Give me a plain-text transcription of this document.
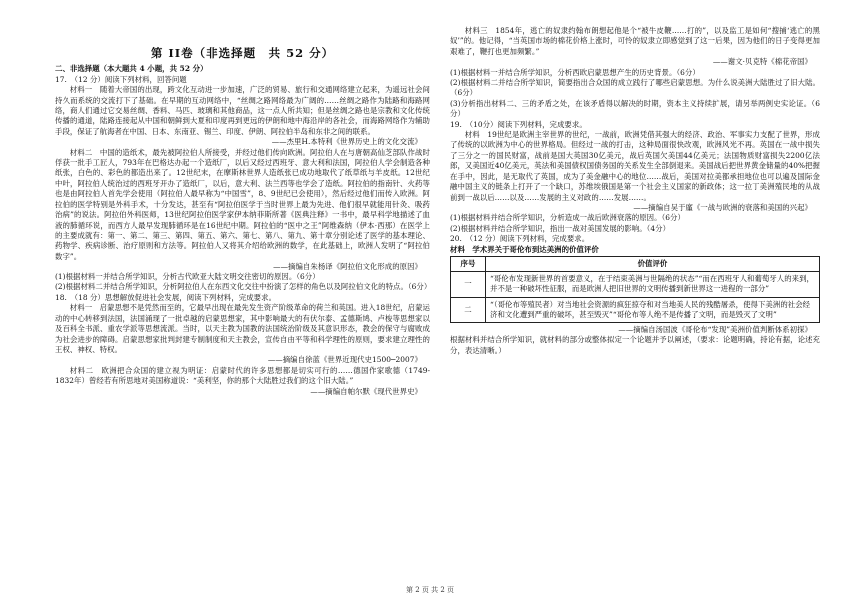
第 II卷（非选择题　共 52 分）

二、非选择题（本大题共 4 小题，共 52 分）

17.　（12 分）阅读下列材料，回答问题

材料一　随着大帝国的出现，跨文化互动进一步加速，广泛的贸易、旅行和交通网络建立起来，为遥远社会间持久而系统的交流打下了基础。在早期的互动网络中，“丝绸之路网络最为广阔的……丝绸之路作为陆路和海路网络，商人们通过它交易丝绸、香料、马匹、玻璃和其他商品，这一点人所共知；但是丝绸之路也是宗教和文化传统传播的通道，陆路连接起从中国和朝鲜到大夏和印度再到更远的伊朗和地中海沿岸的各社会，而海路网络作为辅助手段，保证了航海者在中国、日本、东南亚、锡兰、印度、伊朗、阿拉伯半岛和东非之间的联系。

——杰里H.本特利《世界历史上的文化交流》

材料二　中国的造纸术，最先被阿拉伯人所接受，并经过他们传向欧洲。阿拉伯人在与唐朝高仙芝部队作战时俘获一批手工匠人，793年在巴格达办起一个造纸厂，以后又经过西班牙、意大利和法国，阿拉伯人学会制造各种纸张，白色的、彩色的都造出来了。12世纪末，在摩斯林世界人造纸张已成功地取代了纸草纸与羊皮纸。12世纪中叶，阿拉伯人统治过的西班牙开办了造纸厂，以后，意大利、法兰西等也学会了造纸。阿拉伯的指南针、火药等也是由阿拉伯人首先学会使用（阿拉伯人最早称为“中国雪”，8、9世纪已会使用），然后经过他们而传入欧洲。阿拉伯的医学特别是外科手术，十分发达，甚至有“阿拉伯医学于当时世界上最为先进、他们很早就能用针灸、吸药治病”的说法。阿拉伯外科医师，13世纪阿拉伯医学家伊本纳菲斯所著《医典注释》一书中，最早科学地描述了血液的肺循环说，而西方人最早发现肺循环是在16世纪中期。阿拉伯的“医中之王”阿维森纳（伊本·西那）在医学上的主要成就有：第一、第二、第三、第四、第五、第六、第七、第八、第九、第十章分别论述了医学的基本理论、药物学、疾病诊断、治疗原则和方法等。阿拉伯人又将其介绍给欧洲的数学，在此基础上，欧洲人发明了“阿拉伯数字”。

——摘编自朱杨译《阿拉伯文化形成的原因》

(1)根据材料一并结合所学知识，分析古代欧亚大陆文明交往密切的原因。（6分）

(2)根据材料二并结合所学知识，分析阿拉伯人在东西文化交往中扮演了怎样的角色以及阿拉伯文化的特点。（6分）

18.　（18 分）思想解放促进社会发展，阅读下列材料，完成要求。

材料一　启蒙思想不是凭然而至的，它最早出现在最先发生资产阶级革命的荷兰和英国。进入18世纪，启蒙运动的中心转移到法国，法国涌现了一批卓越的启蒙思想家，其中影响最大的有伏尔泰、孟德斯鸠、卢梭等思想家以及百科全书派、重农学派等思想流派。当时，以天主教为国教的法国统治阶级及其意识形态，教会的保守与腐败成为社会进步的障碍。启蒙思想家批判封建专制制度和天主教会，宣传自由平等和科学理性的原则，要求建立理性的王权、神权、特权。

——摘编自徐蓝《世界近现代史1500─2007》

材料二　欧洲把合众国的建立视为明证：启蒙时代的许多思想都是切实可行的……德国作家歌德（1749-1832年）曾经若有所思地对美国称道说：“美利坚，你的那个大陆胜过我们的这个旧大陆。”

——摘编自帕尔默《现代世界史》

材料三　1854年，逃亡的奴隶约翰布朗想起他是个“被牛皮鞭……打的”，以及监工是如何“搜捕‘逃亡的黑奴’”的。他记得，“当英国市场的棉花价格上涨时，可怜的奴隶立即感觉到了这一后果，因为他们的日子变得更加艰难了，鞭打也更加频繁。”

——谢文·贝克特《棉花帝国》

(1)根据材料一并结合所学知识，分析西欧启蒙思想产生的历史背景。（6分）

(2)根据材料二并结合所学知识，简要指出合众国的成立践行了哪些启蒙思想。为什么说美洲大陆胜过了旧大陆。（6分）

(3)分析指出材料二、三的矛盾之处，在该矛盾得以解决的时期，资本主义持续扩展，请另举两例史实论证。（6分）

19.　（10分）阅读下列材料，完成要求。

材料　19世纪是欧洲主宰世界的世纪，一战前，欧洲凭借其强大的经济、政治、军事实力支配了世界，形成了传统的以欧洲为中心的世界格局。但经过一战的打击，这种局面很快改观，欧洲风光不再。英国在一战中损失了三分之一的国民财富，战前是国大英国30亿美元，战后英国欠美国44亿美元；法国物质财富损失2200亿法郎，又美国近40亿美元，英法和美国债权国债务国的关系发生全部倒退来。美国战后把世界黄金储量的40%把握在手中，因此，是无取代了英国，成为了美金融中心的地位……战后，美国对拉美都承担地位也可以遍及国际金融中国主义的链条上打开了一个缺口，苏维埃俄国是第一个社会主义国家的新政体；这一拉丁美洲殖民地的从战前到一战以后……以及……发展的主义对政的……发展……。

——摘编自吴于廑《一战与欧洲的衰落和美国的兴起》

(1)根据材料并结合所学知识，分析造成一战后欧洲衰落的原因。（6分）

(2)根据材料并结合所学知识，指出一战对美国发展的影响。（4分）

20.　（12 分）阅读下列材料，完成要求。

材料　学术界关于哥伦布到达美洲的价值评价

序号	价值评价
一	“哥伦布发现新世界的首要意义，在于结束美洲与世隔绝的状态”“而在西班牙人和葡萄牙人的来到，并不是一种破坏性征服，而是欧洲人把旧世界的文明传播到新世界这一进程的一部分”
二	“（哥伦布等殖民者）对当地社会资源的疯狂掠夺和对当地美人民的残酷屠杀，使得下美洲的社会经济和文化遭到严重的破坏，甚至毁灭”“哥伦布等人绝不是传播了文明，而是毁灭了文明”

——摘编自汤国波《哥伦布“发现”美洲价值判断体系初探》

根据材料并结合所学知识，就材料的部分或整体拟定一个论题并予以阐述，（要求：论题明确，持论有据，论述充分，表达清晰。）

第 2 页 共 2 页
